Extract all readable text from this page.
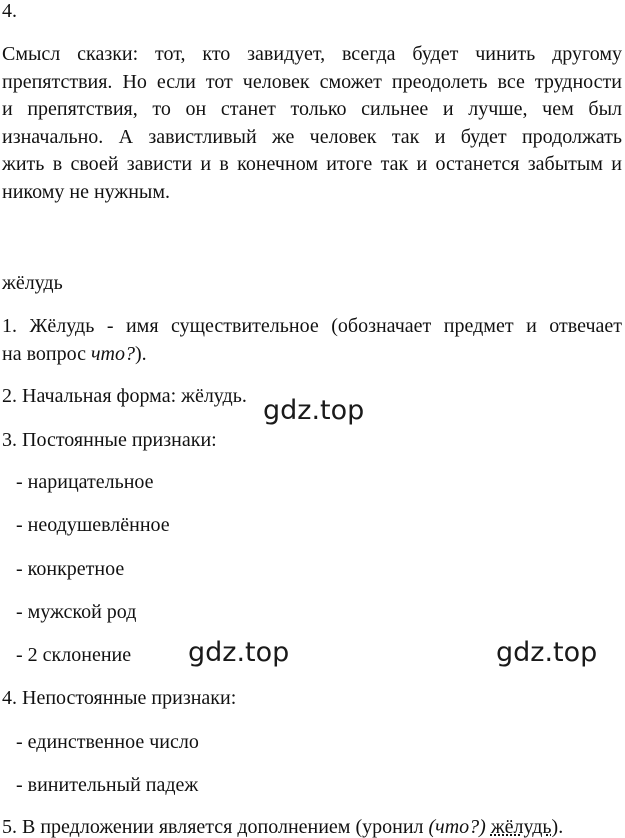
4.
Смысл сказки: тот, кто завидует, всегда будет чинить другому
препятствия. Но если тот человек сможет преодолеть все трудности
и препятствия, то он станет только сильнее и лучше, чем был
изначально. А завистливый же человек так и будет продолжать
жить в своей зависти и в конечном итоге так и останется забытым и
никому не нужным.
жёлудь
1. Жёлудь - имя существительное (обозначает предмет и отвечает
на вопрос что?).
2. Начальная форма: жёлудь.
3. Постоянные признаки:
- нарицательное
- неодушевлённое
- конкретное
- мужской род
- 2 склонение
4. Непостоянные признаки:
- единственное число
- винительный падеж
5. В предложении является дополнением (уронил (что?) жёлудь).
gdz.top
gdz.top	gdz.top
